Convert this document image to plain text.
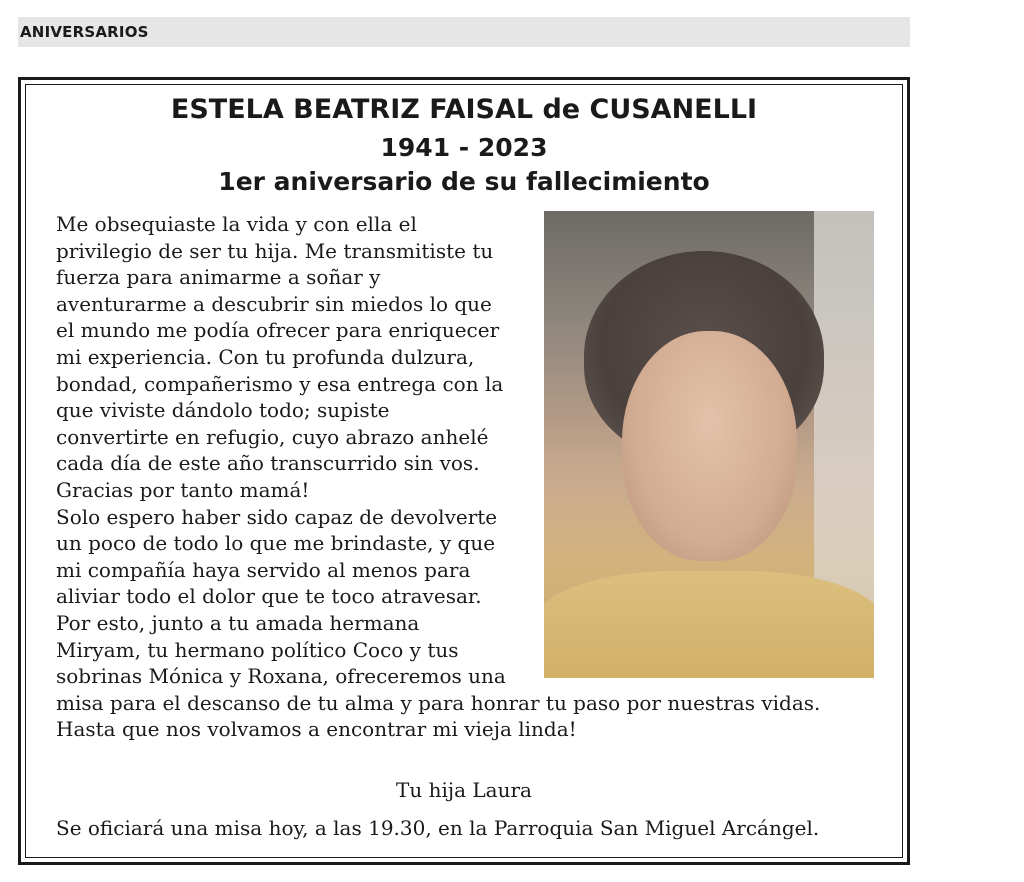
ANIVERSARIOS
ESTELA BEATRIZ FAISAL de CUSANELLI
1941 - 2023
1er aniversario de su fallecimiento
Me obsequiaste la vida y con ella el
privilegio de ser tu hija. Me transmitiste tu
fuerza para animarme a soñar y
aventurarme a descubrir sin miedos lo que
el mundo me podía ofrecer para enriquecer
mi experiencia. Con tu profunda dulzura,
bondad, compañerismo y esa entrega con la
que viviste dándolo todo; supiste
convertirte en refugio, cuyo abrazo anhelé
cada día de este año transcurrido sin vos.
Gracias por tanto mamá!
Solo espero haber sido capaz de devolverte
un poco de todo lo que me brindaste, y que
mi compañía haya servido al menos para
aliviar todo el dolor que te toco atravesar.
Por esto, junto a tu amada hermana
Miryam, tu hermano político Coco y tus
sobrinas Mónica y Roxana, ofreceremos una
misa para el descanso de tu alma y para honrar tu paso por nuestras vidas.
Hasta que nos volvamos a encontrar mi vieja linda!
Tu hija Laura
Se oficiará una misa hoy, a las 19.30, en la Parroquia San Miguel Arcángel.
